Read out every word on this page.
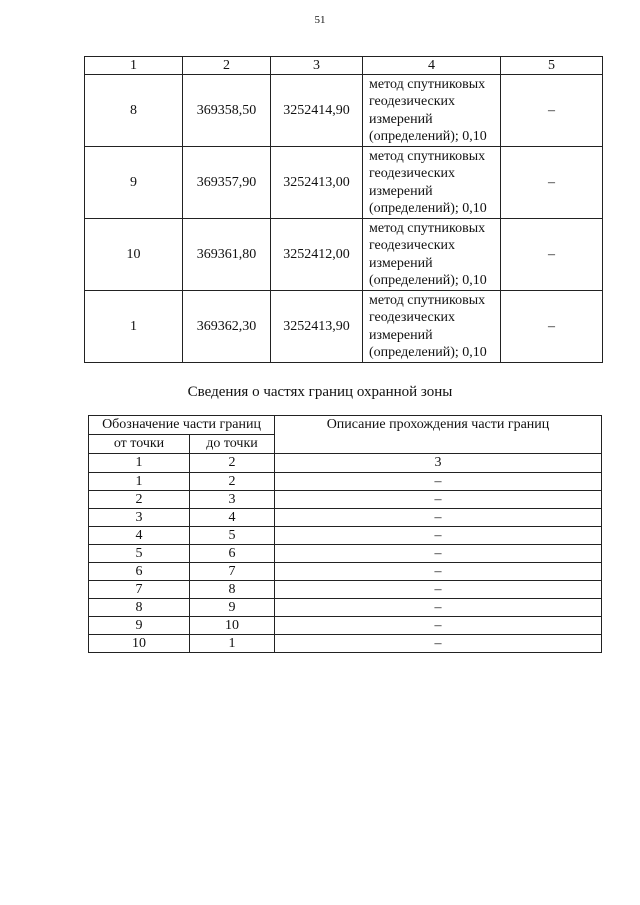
51
1	2	3	4	5
8	369358,50	3252414,90	метод спутниковых
геодезических
измерений
(определений); 0,10	–
9	369357,90	3252413,00	метод спутниковых
геодезических
измерений
(определений); 0,10	–
10	369361,80	3252412,00	метод спутниковых
геодезических
измерений
(определений); 0,10	–
1	369362,30	3252413,90	метод спутниковых
геодезических
измерений
(определений); 0,10	–
Сведения о частях границ охранной зоны
Обозначение части границ		Описание прохождения части границ
от точки	до точки	
1	2	3
1	2	–
2	3	–
3	4	–
4	5	–
5	6	–
6	7	–
7	8	–
8	9	–
9	10	–
10	1	–
